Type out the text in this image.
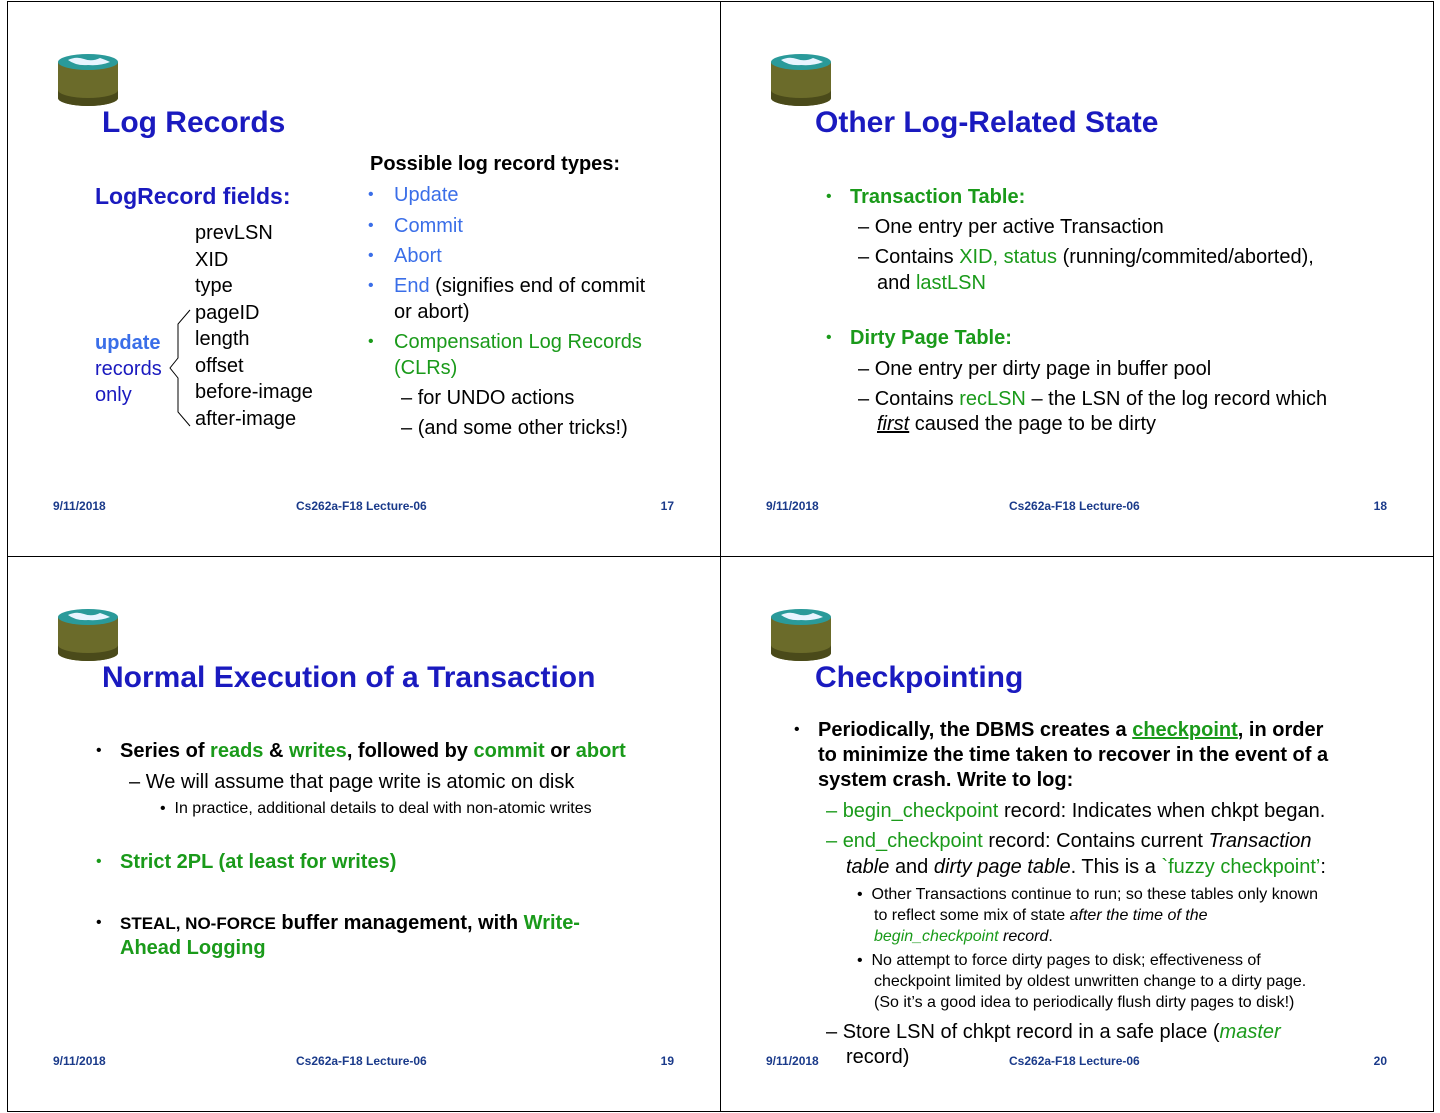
Log Records
LogRecord fields:
prevLSN
XID
type
pageID
length
offset
before-image
after-image
update
records
only
Possible log record types:
• Update
• Commit
• Abort
• End (signifies end of commit
or abort)
• Compensation Log Records
(CLRs)
– for UNDO actions
– (and some other tricks!)
9/11/2018	Cs262a-F18 Lecture-06	17
Other Log-Related State
• Transaction Table:
– One entry per active Transaction
– Contains XID, status (running/commited/aborted),
and lastLSN
• Dirty Page Table:
– One entry per dirty page in buffer pool
– Contains recLSN – the LSN of the log record which
first caused the page to be dirty
9/11/2018	Cs262a-F18 Lecture-06	18
Normal Execution of a Transaction
• Series of reads & writes, followed by commit or abort
– We will assume that page write is atomic on disk
•  In practice, additional details to deal with non-atomic writes
• Strict 2PL (at least for writes)
• STEAL, NO-FORCE buffer management, with Write-
Ahead Logging
9/11/2018	Cs262a-F18 Lecture-06	19
Checkpointing
• Periodically, the DBMS creates a checkpoint, in order
to minimize the time taken to recover in the event of a
system crash. Write to log:
– begin_checkpoint record: Indicates when chkpt began.
– end_checkpoint record: Contains current Transaction
table and dirty page table. This is a `fuzzy checkpoint’:
•  Other Transactions continue to run; so these tables only known
to reflect some mix of state after the time of the
begin_checkpoint record.
•  No attempt to force dirty pages to disk; effectiveness of
checkpoint limited by oldest unwritten change to a dirty page.
(So it’s a good idea to periodically flush dirty pages to disk!)
– Store LSN of chkpt record in a safe place (master
record)
9/11/2018	Cs262a-F18 Lecture-06	20
